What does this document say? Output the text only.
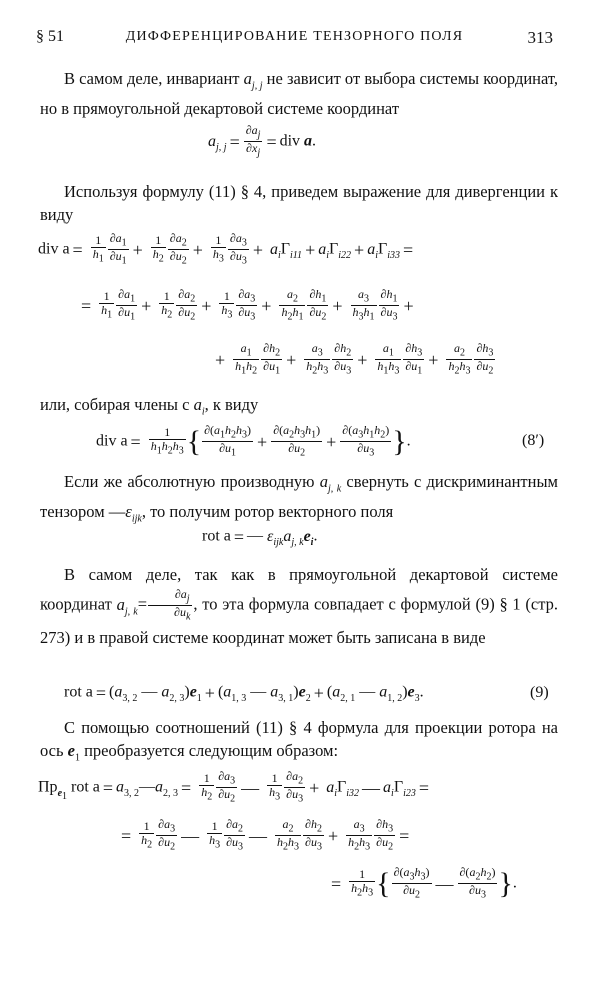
§ 51	ДИФФЕРЕНЦИРОВАНИЕ ТЕНЗОРНОГО ПОЛЯ	313

В самом деле, инвариант $a_{j, j}$ не зависит от выбора системы координат, но в прямоугольной декартовой системе координат

$a_{j, j} = \frac{\partial a_j}{\partial x_j}$ = div a.

Используя формулу (11) § 4, приведем выражение для дивергенции к виду

div $a = \frac{1}{h_1} \frac{\partial a_1}{\partial u_1} + \frac{1}{h_2} \frac{\partial a_2}{\partial u_2} + \frac{1}{h_3} \frac{\partial a_3}{\partial u_3} + a_i\Gamma_{i11} + a_i\Gamma_{i22} + a_i\Gamma_{i33}$ =
= $\frac{1}{h_1} \frac{\partial a_1}{\partial u_1} + \frac{1}{h_2} \frac{\partial a_2}{\partial u_2} + \frac{1}{h_3} \frac{\partial a_3}{\partial u_3} + \frac{a_2}{h_2h_1} \frac{\partial h_1}{\partial u_2} + \frac{a_3}{h_3h_1} \frac{\partial h_1}{\partial u_3}$ +
+ $\frac{a_1}{h_1h_2} \frac{\partial h_2}{\partial u_1} + \frac{a_3}{h_2h_3} \frac{\partial h_2}{\partial u_3} + \frac{a_1}{h_1h_3} \frac{\partial h_3}{\partial u_1} + \frac{a_2}{h_2h_3} \frac{\partial h_3}{\partial u_2}$

или, собирая члены с $a_i$, к виду

div $a = \frac{1}{h_1h_2h_3}$ { $\frac{\partial(a_1h_2h_3)}{\partial u_1} + \frac{\partial(a_2h_3h_1)}{\partial u_2} + \frac{\partial(a_3h_1h_2)}{\partial u_3}$ }.	(8′)

Если же абсолютную производную $a_{j, k}$ свернуть с дискриминантным тензором $—\varepsilon_{ijk}$, то получим ротор векторного поля

rot a = — $\varepsilon_{ijk}a_{j, k}e_i$.

В самом деле, так как в прямоугольной декартовой системе координат $a_{j, k}= \frac{\partial a_j}{\partial u_k}$ , то эта формула совпадает с формулой (9) § 1 (стр. 273) и в правой системе координат может быть записана в виде

rot $a = (a_{3, 2}$ — $a_{2, 3})e_1 + (a_{1, 3}$ — $a_{3, 1})e_2 + (a_{2, 1}$ — $a_{1, 2})e_3$.	(9)

С помощью соотношений (11) § 4 формула для проекции ротора на ось $e_1$ преобразуется следующим образом:

$Пр_{e_1}$ rot $a = a_{3, 2}—a_{2, 3} = \frac{1}{h_2} \frac{\partial a_3}{\partial u_2}$ — $\frac{1}{h_3} \frac{\partial a_2}{\partial u_3} + a_i\Gamma_{i32}$ — $a_i\Gamma_{i23}$ =
= $\frac{1}{h_2} \frac{\partial a_3}{\partial u_2}$ — $\frac{1}{h_3} \frac{\partial a_2}{\partial u_3}$ — $\frac{a_2}{h_2h_3} \frac{\partial h_2}{\partial u_3} + \frac{a_3}{h_2h_3} \frac{\partial h_3}{\partial u_2}$ =
= $\frac{1}{h_2h_3}$ { $\frac{\partial(a_3h_3)}{\partial u_2}$ — $\frac{\partial(a_2h_2)}{\partial u_3}$ }.
